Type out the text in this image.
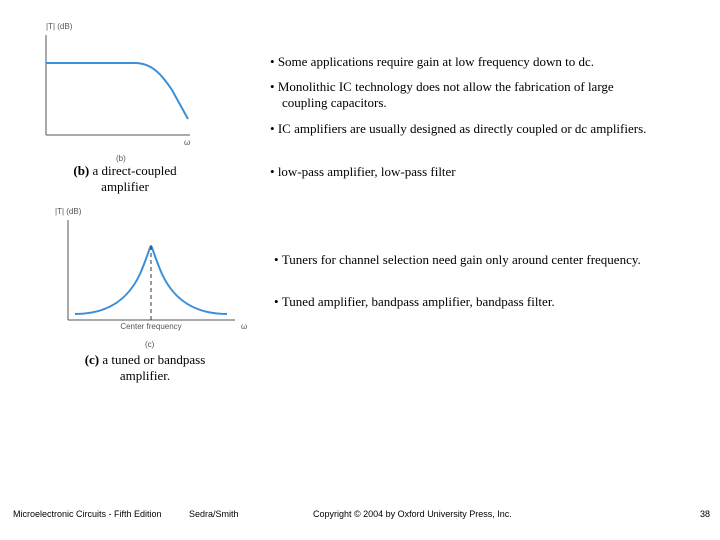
|T| (dB)
ω
(b)
(b) a direct-coupled amplifier
|T| (dB)
Center frequency	ω
(c)
(c) a tuned or bandpass amplifier.
• Some applications require gain at low frequency down to dc.
• Monolithic IC technology does not allow the fabrication of large coupling capacitors.
• IC amplifiers are usually designed as directly coupled or dc amplifiers.
• low-pass amplifier, low-pass filter
• Tuners for channel selection need gain only around center frequency.
• Tuned amplifier, bandpass amplifier, bandpass filter.
Microelectronic Circuits - Fifth Edition	Sedra/Smith	Copyright © 2004 by Oxford University Press, Inc.	38
